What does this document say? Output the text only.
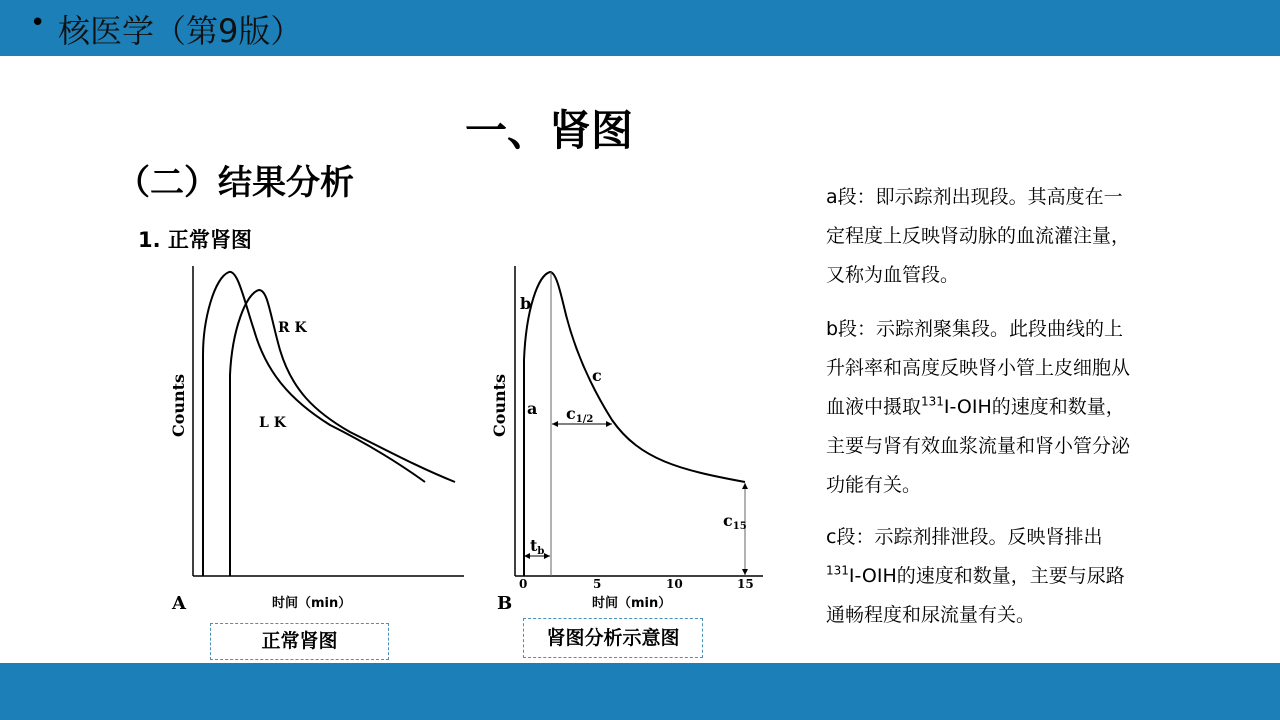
• 核医学（第9版）
一、肾图
（二）结果分析
1. 正常肾图
R K
L K
Counts
时间（min）
A
b
a
c
c1/2
c15
tb
0	5	10	15
Counts
时间（min）
B
正常肾图	肾图分析示意图
a段：即示踪剂出现段。其高度在一定程度上反映肾动脉的血流灌注量，又称为血管段。
b段：示踪剂聚集段。此段曲线的上升斜率和高度反映肾小管上皮细胞从血液中摄取$^{131}$I-OIH的速度和数量，主要与肾有效血浆流量和肾小管分泌功能有关。
c段：示踪剂排泄段。反映肾排出$^{131}$I-OIH的速度和数量，主要与尿路通畅程度和尿流量有关。
